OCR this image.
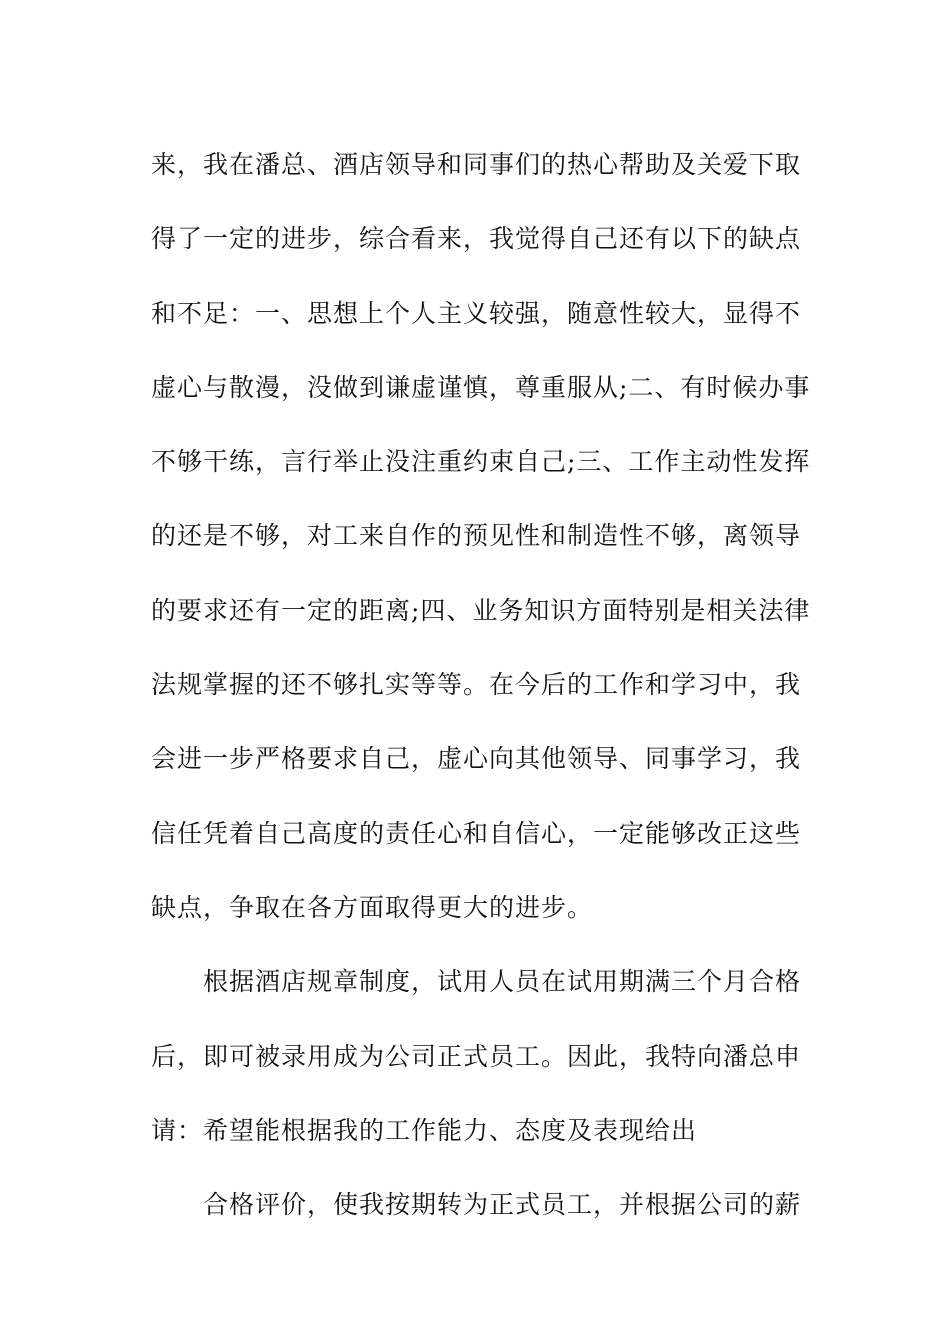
来，我在潘总、酒店领导和同事们的热心帮助及关爱下取
得了一定的进步，综合看来，我觉得自己还有以下的缺点
和不足：一、思想上个人主义较强，随意性较大，显得不
虚心与散漫，没做到谦虚谨慎，尊重服从;二、有时候办事
不够干练，言行举止没注重约束自己;三、工作主动性发挥
的还是不够，对工来自作的预见性和制造性不够，离领导
的要求还有一定的距离;四、业务知识方面特别是相关法律
法规掌握的还不够扎实等等。在今后的工作和学习中，我
会进一步严格要求自己，虚心向其他领导、同事学习，我
信任凭着自己高度的责任心和自信心，一定能够改正这些
缺点，争取在各方面取得更大的进步。
根据酒店规章制度，试用人员在试用期满三个月合格
后，即可被录用成为公司正式员工。因此，我特向潘总申
请：希望能根据我的工作能力、态度及表现给出
合格评价，使我按期转为正式员工，并根据公司的薪
